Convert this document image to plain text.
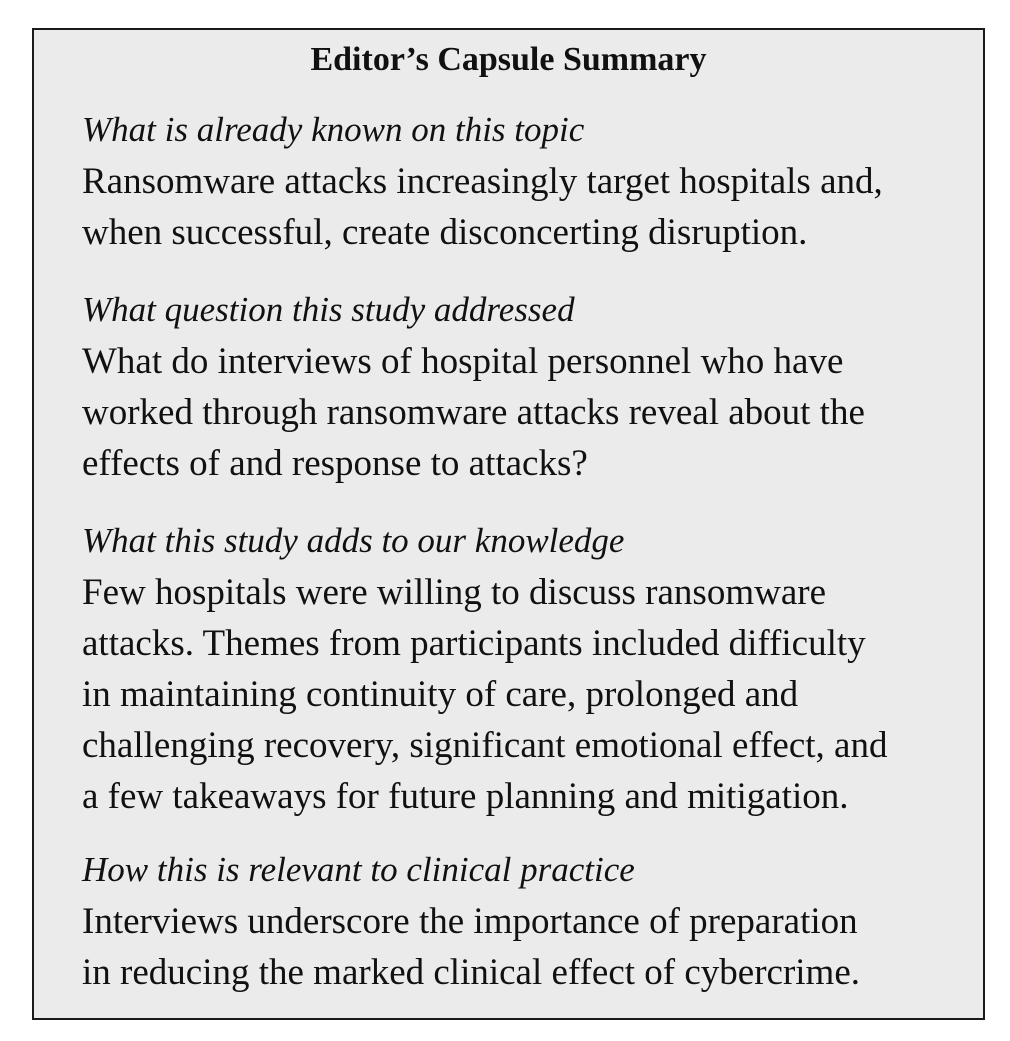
Editor’s Capsule Summary

What is already known on this topic

Ransomware attacks increasingly target hospitals and,
when successful, create disconcerting disruption.

What question this study addressed

What do interviews of hospital personnel who have
worked through ransomware attacks reveal about the
effects of and response to attacks?

What this study adds to our knowledge

Few hospitals were willing to discuss ransomware
attacks. Themes from participants included difficulty
in maintaining continuity of care, prolonged and
challenging recovery, significant emotional effect, and
a few takeaways for future planning and mitigation.

How this is relevant to clinical practice

Interviews underscore the importance of preparation
in reducing the marked clinical effect of cybercrime.
